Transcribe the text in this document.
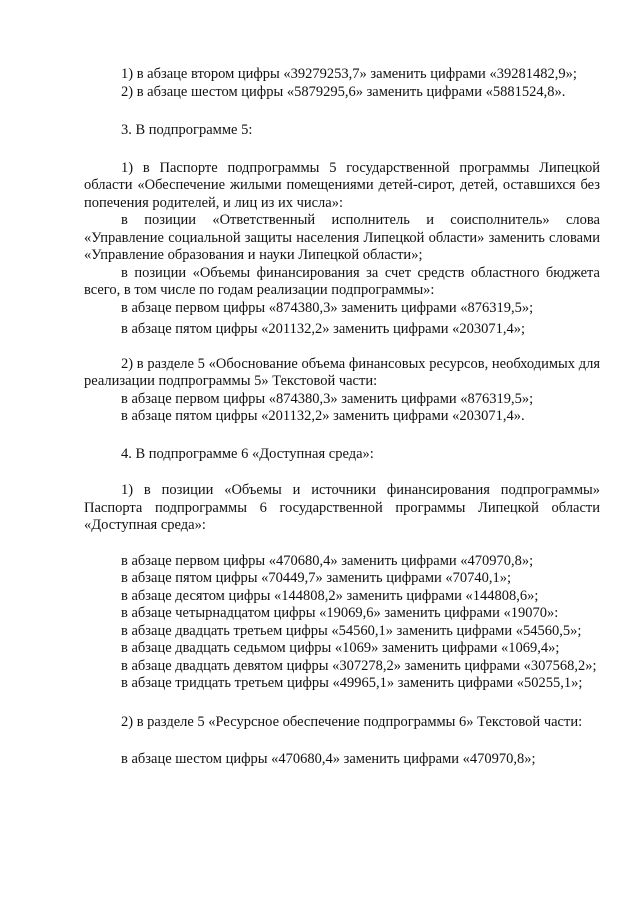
1) в абзаце втором цифры «39279253,7» заменить цифрами «39281482,9»;

2) в абзаце шестом цифры «5879295,6» заменить цифрами «5881524,8».

3. В подпрограмме 5:

1) в Паспорте подпрограммы 5 государственной программы Липецкой области «Обеспечение жилыми помещениями детей-сирот, детей, оставшихся без попечения родителей, и лиц из их числа»:

в позиции «Ответственный исполнитель и соисполнитель» слова «Управление социальной защиты населения Липецкой области» заменить словами «Управление образования и науки Липецкой области»;

в позиции «Объемы финансирования за счет средств областного бюджета всего, в том числе по годам реализации подпрограммы»:

в абзаце первом цифры «874380,3» заменить цифрами «876319,5»;

в абзаце пятом цифры «201132,2» заменить цифрами «203071,4»;

2) в разделе 5 «Обоснование объема финансовых ресурсов, необходимых для реализации подпрограммы 5» Текстовой части:

в абзаце первом цифры «874380,3» заменить цифрами «876319,5»;

в абзаце пятом цифры «201132,2» заменить цифрами «203071,4».

4. В подпрограмме 6 «Доступная среда»:

1) в позиции «Объемы и источники финансирования подпрограммы» Паспорта подпрограммы 6 государственной программы Липецкой области «Доступная среда»:

в абзаце первом цифры «470680,4» заменить цифрами «470970,8»;

в абзаце пятом цифры «70449,7» заменить цифрами «70740,1»;

в абзаце десятом цифры «144808,2» заменить цифрами «144808,6»;

в абзаце четырнадцатом цифры «19069,6» заменить цифрами «19070»:

в абзаце двадцать третьем цифры «54560,1» заменить цифрами «54560,5»;

в абзаце двадцать седьмом цифры «1069» заменить цифрами «1069,4»;

в абзаце двадцать девятом цифры «307278,2» заменить цифрами «307568,2»;

в абзаце тридцать третьем цифры «49965,1» заменить цифрами «50255,1»;

2) в разделе 5 «Ресурсное обеспечение подпрограммы 6» Текстовой части:

в абзаце шестом цифры «470680,4» заменить цифрами «470970,8»;
